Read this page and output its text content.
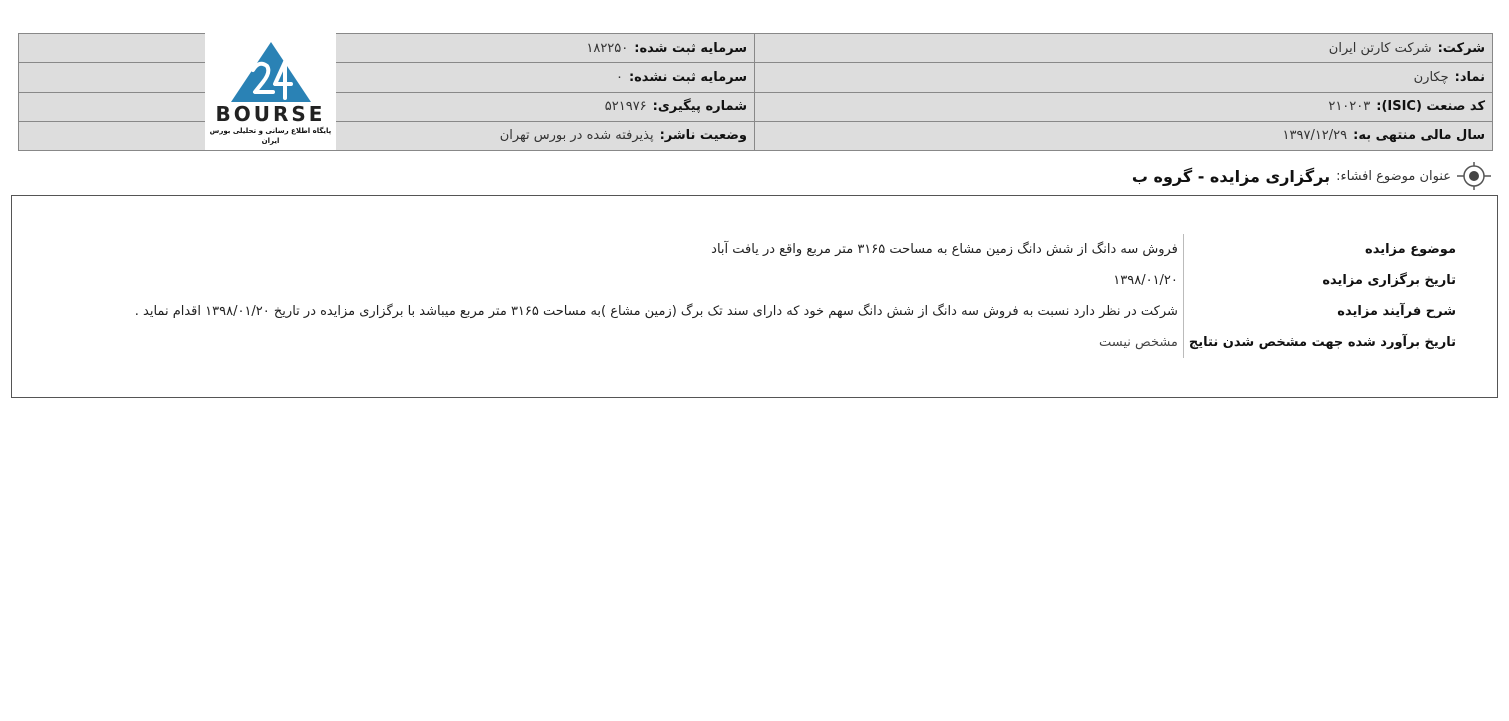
شرکت:شرکت کارتن ایران	سرمایه ثبت شده:۱۸۲۲۵۰
نماد:چکارن	سرمایه ثبت نشده:۰
کد صنعت (ISIC):۲۱۰۲۰۳	شماره پیگیری:۵۲۱۹۷۶
سال مالی منتهی به:۱۳۹۷/۱۲/۲۹	وضعیت ناشر:پذیرفته شده در بورس تهران
BOURSE
پایگاه اطلاع رسانی و تحلیلی بورس ایران
عنوان موضوع افشاء:
برگزاری مزایده - گروه ب
موضوع مزایده	فروش سه دانگ از شش دانگ زمین مشاع به مساحت ۳۱۶۵ متر مربع واقع در یافت آباد
تاریخ برگزاری مزایده	۱۳۹۸/۰۱/۲۰
شرح فرآیند مزایده	شرکت در نظر دارد نسبت به فروش سه دانگ از شش دانگ سهم خود که دارای سند تک برگ (زمین مشاع )به مساحت ۳۱۶۵ متر مربع میباشد با برگزاری مزایده در تاریخ ۱۳۹۸/۰۱/۲۰ اقدام نماید .
تاریخ برآورد شده جهت مشخص شدن نتایج	مشخص نیست
